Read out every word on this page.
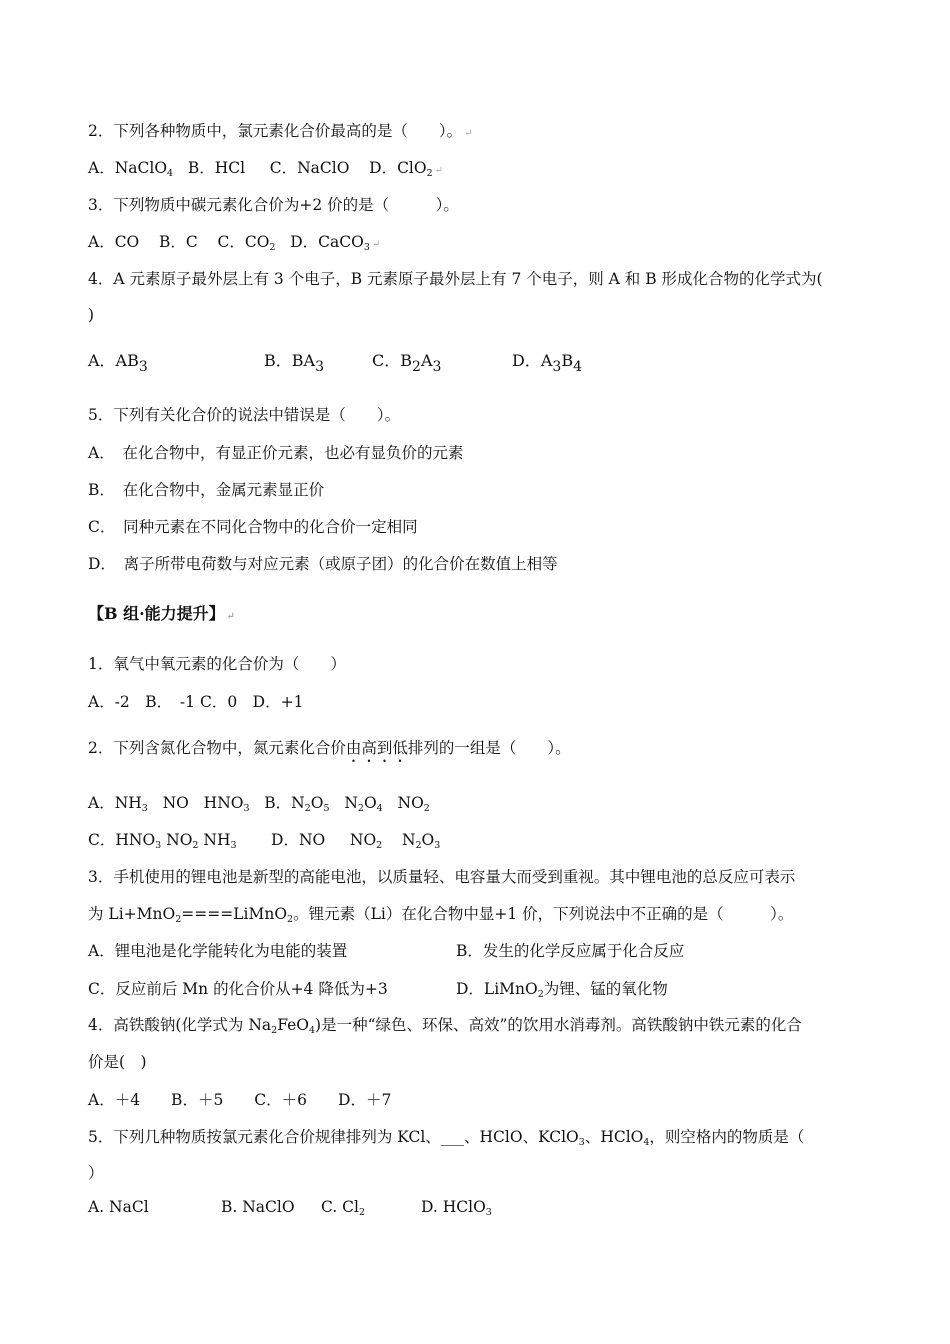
2．下列各种物质中，氯元素化合价最高的是（　　）。 ↵
A．NaClO$_4$ B．HCl C．NaClO D．ClO$_2$ ↵
3．下列物质中碳元素化合价为+2 价的是（　　　）。
A．CO B．C C．$CO_2$ D．CaCO$_3$ ↵
4．A 元素原子最外层上有 3 个电子，B 元素原子最外层上有 7 个电子，则 A 和 B 形成化合物的化学式为(
)
A．$AB_3$	B．$BA_3$	C．$B_2A_3$	D．$A_3B_4$
5．下列有关化合价的说法中错误是（　　）。
A．　在化合物中，有显正价元素，也必有显负价的元素
B．　在化合物中，金属元素显正价
C．　同种元素在不同化合物中的化合价一定相同
D．　离子所带电荷数与对应元素（或原子团）的化合价在数值上相等
【B 组·能力提升】 ↵
1．氧气中氧元素的化合价为（　　）
A．-2　B．　-1 C．0　D．+1
2．下列含氮化合物中，氮元素化合价由高到低排列的一组是（　　）。
A．$NH_3$ NO $HNO_3$ B．$N_2O_5$ $N_2O_4$ $NO_2$
C．$HNO_3$ $NO_2$ $NH_3$ D．NO $NO_2$ $N_2O_3$
3．手机使用的锂电池是新型的高能电池，以质量轻、电容量大而受到重视。其中锂电池的总反应可表示
为 Li+MnO$_2$====LiMnO$_2$。锂元素（Li）在化合物中显+1 价，下列说法中不正确的是（　　　）。
A．锂电池是化学能转化为电能的装置	B．发生的化学反应属于化合反应
C．反应前后 Mn 的化合价从+4 降低为+3	D．LiMnO$_2$为锂、锰的氧化物
4．高铁酸钠(化学式为 $Na_2FeO_4$)是一种“绿色、环保、高效”的饮用水消毒剂。高铁酸钠中铁元素的化合
价是(　)
A．＋4　　B．＋5　　C．＋6　　D．＋7
5．下列几种物质按氯元素化合价规律排列为 KCl、___、HClO、KClO$_3$、HClO$_4$，则空格内的物质是（
）
A. NaCl	B. NaClO C. $Cl_2$	D. HClO$_3$
